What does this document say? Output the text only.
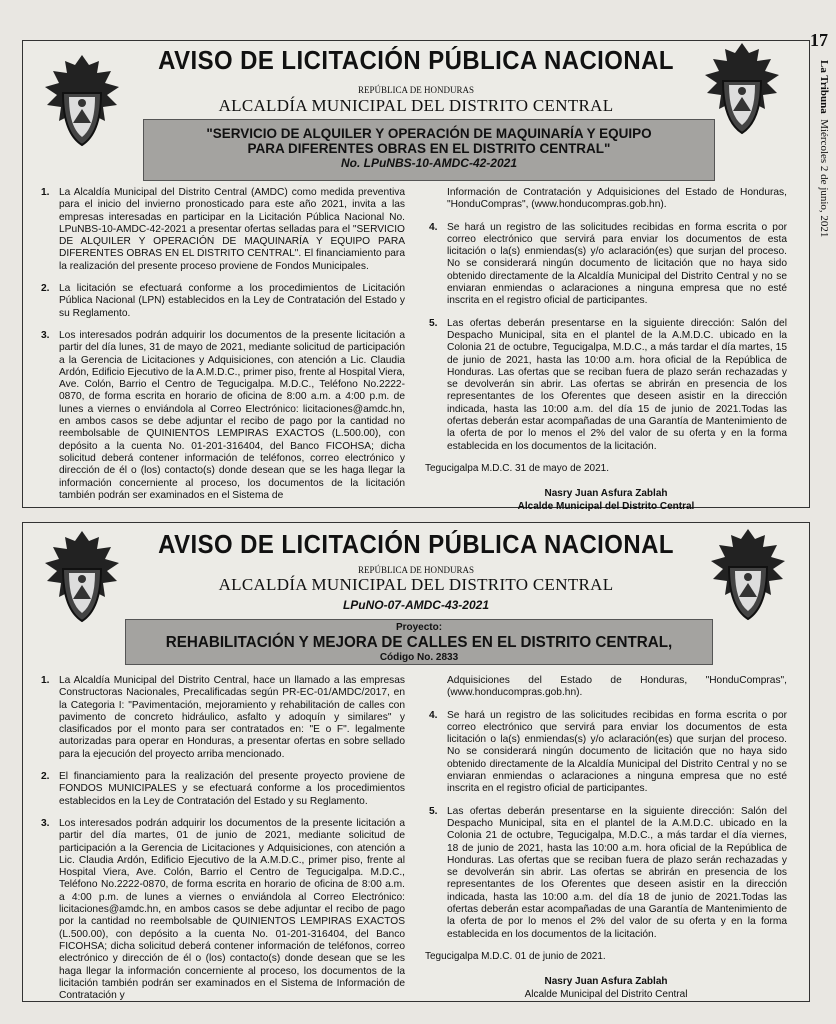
17
La Tribuna  Miércoles 2 de junio, 2021
AVISO DE LICITACIÓN PÚBLICA NACIONAL
REPÚBLICA DE HONDURAS
ALCALDÍA MUNICIPAL DEL DISTRITO CENTRAL
"SERVICIO DE ALQUILER Y OPERACIÓN DE MAQUINARÍA Y EQUIPO
PARA DIFERENTES OBRAS EN EL DISTRITO CENTRAL"
No. LPuNBS-10-AMDC-42-2021
1. La Alcaldía Municipal del Distrito Central (AMDC) como medida preventiva para el inicio del invierno pronosticado para este año 2021, invita a las empresas interesadas en participar en la Licitación Pública Nacional No. LPuNBS-10-AMDC-42-2021 a presentar ofertas selladas para el "SERVICIO DE ALQUILER Y OPERACIÓN DE MAQUINARÍA Y EQUIPO PARA DIFERENTES OBRAS EN EL DISTRITO CENTRAL". El financiamiento para la realización del presente proceso proviene de Fondos Municipales.
2. La licitación se efectuará conforme a los procedimientos de Licitación Pública Nacional (LPN) establecidos en la Ley de Contratación del Estado y su Reglamento.
3. Los interesados podrán adquirir los documentos de la presente licitación a partir del día lunes, 31 de mayo de 2021, mediante solicitud de participación a la Gerencia de Licitaciones y Adquisiciones, con atención a Lic. Claudia Ardón, Edificio Ejecutivo de la A.M.D.C., primer piso, frente al Hospital Viera, Ave. Colón, Barrio el Centro de Tegucigalpa. M.D.C., Teléfono No.2222-0870, de forma escrita en horario de oficina de 8:00 a.m. a 4:00 p.m. de lunes a viernes o enviándola al Correo Electrónico: licitaciones@amdc.hn, en ambos casos se debe adjuntar el recibo de pago por la cantidad no reembolsable de QUINIENTOS LEMPIRAS EXACTOS (L.500.00), con depósito a la cuenta No. 01-201-316404, del Banco FICOHSA; dicha solicitud deberá contener información de teléfonos, correo electrónico y dirección de él o (los) contacto(s) donde desean que se les haga llegar la información concerniente al proceso, los documentos de la licitación también podrán ser examinados en el Sistema de
Información de Contratación y Adquisiciones del Estado de Honduras, "HonduCompras", (www.honducompras.gob.hn).
4. Se hará un registro de las solicitudes recibidas en forma escrita o por correo electrónico que servirá para enviar los documentos de esta licitación o la(s) enmiendas(s) y/o aclaración(es) que surjan del proceso. No se considerará ningún documento de licitación que no haya sido obtenido directamente de la Alcaldía Municipal del Distrito Central y no se enviaran enmiendas o aclaraciones a ninguna empresa que no esté inscrita en el registro oficial de participantes.
5. Las ofertas deberán presentarse en la siguiente dirección: Salón del Despacho Municipal, sita en el plantel de la A.M.D.C. ubicado en la Colonia 21 de octubre, Tegucigalpa, M.D.C., a más tardar el día martes, 15 de junio de 2021, hasta las 10:00 a.m. hora oficial de la República de Honduras. Las ofertas que se reciban fuera de plazo serán rechazadas y se devolverán sin abrir. Las ofertas se abrirán en presencia de los representantes de los Oferentes que deseen asistir en la dirección indicada, hasta las 10:00 a.m. del día 15 de junio de 2021.Todas las ofertas deberán estar acompañadas de una Garantía de Mantenimiento de la oferta de por lo menos el 2% del valor de su oferta y en la forma establecida en los documentos de la licitación.
Tegucigalpa M.D.C. 31 de mayo de 2021.
Nasry Juan Asfura Zablah
Alcalde Municipal del Distrito Central
AVISO DE LICITACIÓN PÚBLICA NACIONAL
REPÚBLICA DE HONDURAS
ALCALDÍA MUNICIPAL DEL DISTRITO CENTRAL
LPuNO-07-AMDC-43-2021
Proyecto:
REHABILITACIÓN Y MEJORA DE CALLES EN EL DISTRITO CENTRAL,
Código No. 2833
1. La Alcaldía Municipal del Distrito Central, hace un llamado a las empresas Constructoras Nacionales, Precalificadas según PR-EC-01/AMDC/2017, en la Categoria I: "Pavimentación, mejoramiento y rehabilitación de calles con pavimento de concreto hidráulico, asfalto y adoquín y similares" y clasificados por el monto para ser contratados en: "E o F". legalmente autorizadas para operar en Honduras, a presentar ofertas en sobre sellado para la ejecución del proyecto arriba mencionado.
2. El financiamiento para la realización del presente proyecto proviene de FONDOS MUNICIPALES y se efectuará conforme a los procedimientos establecidos en la Ley de Contratación del Estado y su Reglamento.
3. Los interesados podrán adquirir los documentos de la presente licitación a partir del día martes, 01 de junio de 2021, mediante solicitud de participación a la Gerencia de Licitaciones y Adquisiciones, con atención a Lic. Claudia Ardón, Edificio Ejecutivo de la A.M.D.C., primer piso, frente al Hospital Viera, Ave. Colón, Barrio el Centro de Tegucigalpa. M.D.C., Teléfono No.2222-0870, de forma escrita en horario de oficina de 8:00 a.m. a 4:00 p.m. de lunes a viernes o enviándola al Correo Electrónico: licitaciones@amdc.hn, en ambos casos se debe adjuntar el recibo de pago por la cantidad no reembolsable de QUINIENTOS LEMPIRAS EXACTOS (L.500.00), con depósito a la cuenta No. 01-201-316404, del Banco FICOHSA; dicha solicitud deberá contener información de teléfonos, correo electrónico y dirección de él o (los) contacto(s) donde desean que se les haga llegar la información concerniente al proceso, los documentos de la licitación también podrán ser examinados en el Sistema de Información de Contratación y
Adquisiciones del Estado de Honduras, "HonduCompras", (www.honducompras.gob.hn).
4. Se hará un registro de las solicitudes recibidas en forma escrita o por correo electrónico que servirá para enviar los documentos de esta licitación o la(s) enmiendas(s) y/o aclaración(es) que surjan del proceso. No se considerará ningún documento de licitación que no haya sido obtenido directamente de la Alcaldía Municipal del Distrito Central y no se enviaran enmiendas o aclaraciones a ninguna empresa que no esté inscrita en el registro oficial de participantes.
5. Las ofertas deberán presentarse en la siguiente dirección: Salón del Despacho Municipal, sita en el plantel de la A.M.D.C. ubicado en la Colonia 21 de octubre, Tegucigalpa, M.D.C., a más tardar el día viernes, 18 de junio de 2021, hasta las 10:00 a.m. hora oficial de la República de Honduras. Las ofertas que se reciban fuera de plazo serán rechazadas y se devolverán sin abrir. Las ofertas se abrirán en presencia de los representantes de los Oferentes que deseen asistir en la dirección indicada, hasta las 10:00 a.m. del día 18 de junio de 2021.Todas las ofertas deberán estar acompañadas de una Garantía de Mantenimiento de la oferta de por lo menos el 2% del valor de su oferta y en la forma establecida en los documentos de la licitación.
Tegucigalpa M.D.C. 01 de junio de 2021.
Nasry Juan Asfura Zablah
Alcalde Municipal del Distrito Central
